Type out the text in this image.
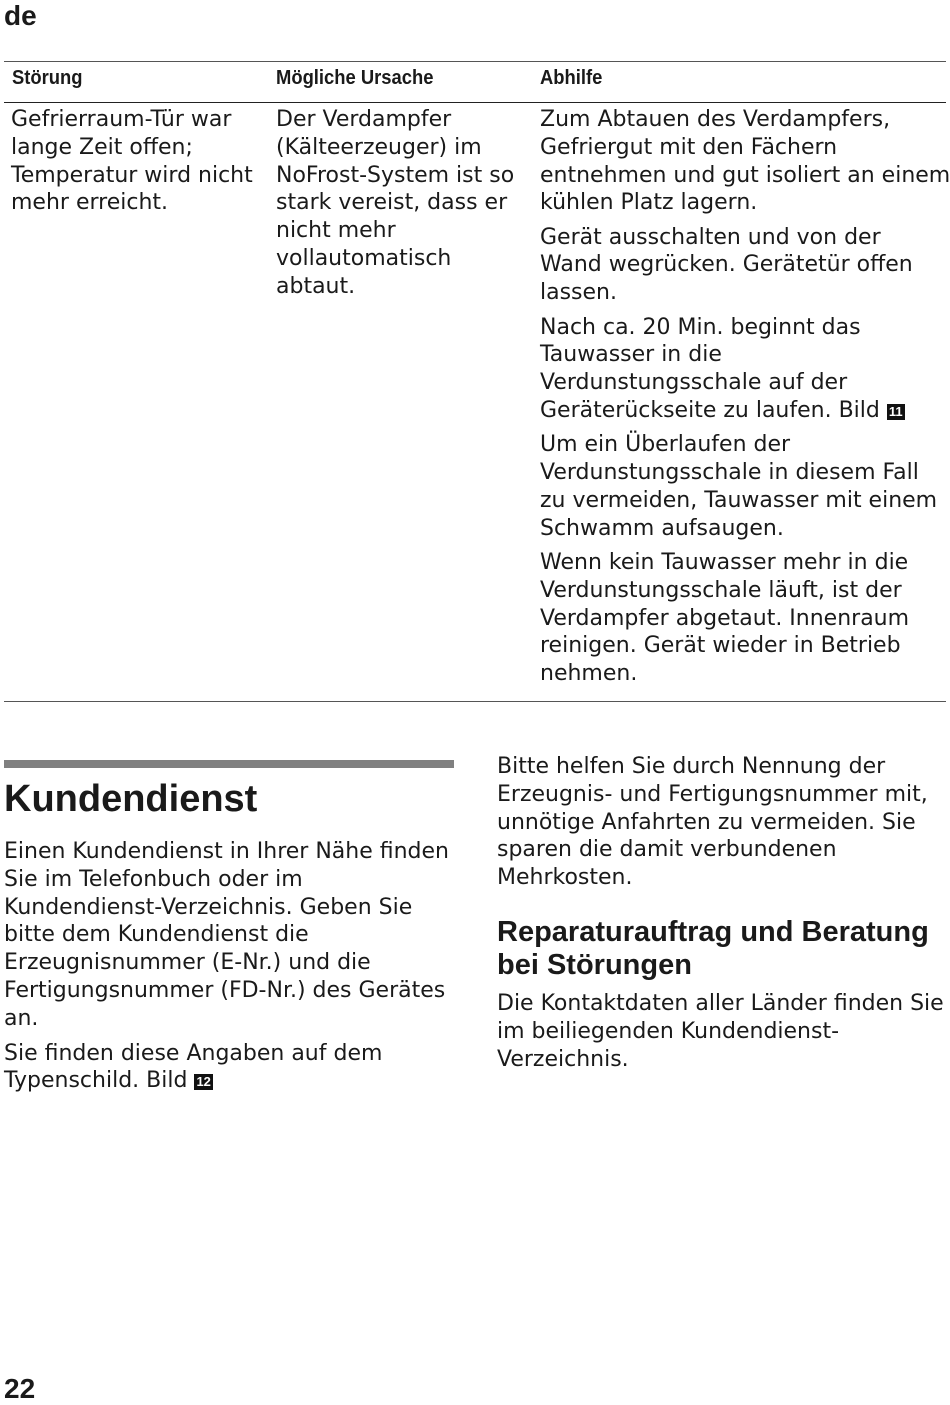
de
Störung	Mögliche Ursache	Abhilfe
Gefrierraum-Tür war
lange Zeit offen;
Temperatur wird nicht
mehr erreicht.
Der Verdampfer
(Kälteerzeuger) im
NoFrost-System ist so
stark vereist, dass er
nicht mehr
vollautomatisch
abtaut.

Zum Abtauen des Verdampfers,
Gefriergut mit den Fächern
entnehmen und gut isoliert an einem
kühlen Platz lagern.

Gerät ausschalten und von der
Wand wegrücken. Gerätetür offen
lassen.

Nach ca. 20 Min. beginnt das
Tauwasser in die
Verdunstungsschale auf der
Geräterückseite zu laufen. Bild 11

Um ein Überlaufen der
Verdunstungsschale in diesem Fall
zu vermeiden, Tauwasser mit einem
Schwamm aufsaugen.

Wenn kein Tauwasser mehr in die
Verdunstungsschale läuft, ist der
Verdampfer abgetaut. Innenraum
reinigen. Gerät wieder in Betrieb
nehmen.

Kundendienst

Einen Kundendienst in Ihrer Nähe finden
Sie im Telefonbuch oder im
Kundendienst-Verzeichnis. Geben Sie
bitte dem Kundendienst die
Erzeugnisnummer (E-Nr.) und die
Fertigungsnummer (FD-Nr.) des Gerätes
an.

Sie finden diese Angaben auf dem
Typenschild. Bild 12

Bitte helfen Sie durch Nennung der
Erzeugnis- und Fertigungsnummer mit,
unnötige Anfahrten zu vermeiden. Sie
sparen die damit verbundenen
Mehrkosten.

Reparaturauftrag und Beratung
bei Störungen

Die Kontaktdaten aller Länder finden Sie
im beiliegenden Kundendienst-
Verzeichnis.

22
